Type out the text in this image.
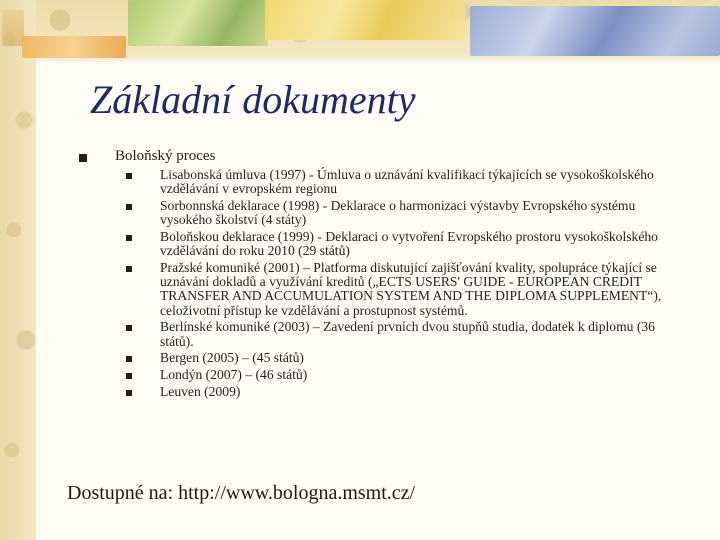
Základní dokumenty
Boloňský proces
Lisabonská úmluva (1997) - Úmluva o uznávání kvalifikací týkajících se vysokoškolského vzdělávání v evropském regionu
Sorbonnská deklarace (1998) - Deklarace o harmonizaci výstavby Evropského systému vysokého školství (4 státy)
Boloňskou deklarace (1999) - Deklaraci o vytvoření Evropského prostoru vysokoškolského vzdělávání do roku 2010 (29 států)
Pražské komuniké (2001) – Platforma diskutující zajišťování kvality, spolupráce týkající se uznávání dokladů a využívání kreditů („ECTS USERS' GUIDE - EUROPEAN CREDIT TRANSFER AND ACCUMULATION SYSTEM AND THE DIPLOMA SUPPLEMENT“), celoživotní přístup ke vzdělávání a prostupnost systémů.
Berlínské komuniké (2003) – Zavedení prvních dvou stupňů studia, dodatek k diplomu (36 států).
Bergen (2005) – (45 států)
Londýn (2007) – (46 států)
Leuven (2009)
Dostupné na: http://www.bologna.msmt.cz/
